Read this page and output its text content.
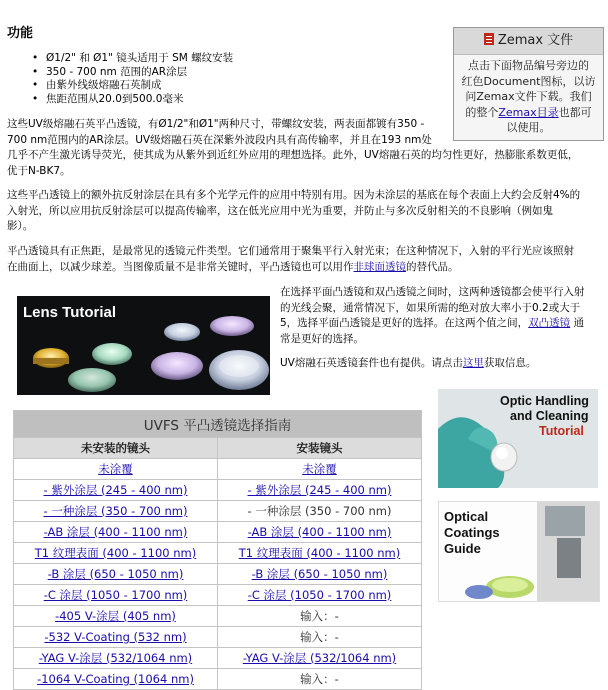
功能
• Ø1/2" 和 Ø1" 镜头适用于 SM 螺纹安装
• 350 - 700 nm 范围的AR涂层
• 由紫外线级熔融石英制成
• 焦距范围从20.0到500.0毫米
Zemax 文件
点击下面物品编号旁边的
红色Document图标，以访
问Zemax文件下载。我们
的整个Zemax目录也都可
以使用。
这些UV级熔融石英平凸透镜，有Ø1/2"和Ø1"两种尺寸，带螺纹安装，两表面都镀有350 -
700 nm范围内的AR涂层。UV级熔融石英在深紫外波段内具有高传输率，并且在193 nm处
几乎不产生激光诱导荧光，使其成为从紫外到近红外应用的理想选择。此外，UV熔融石英的均匀性更好，热膨胀系数更低，
优于N-BK7。
这些平凸透镜上的额外抗反射涂层在具有多个光学元件的应用中特别有用。因为未涂层的基底在每个表面上大约会反射4%的
入射光，所以应用抗反射涂层可以提高传输率，这在低光应用中光为重要，并防止与多次反射相关的不良影响（例如鬼
影）。
平凸透镜具有正焦距，是最常见的透镜元件类型。它们通常用于聚集平行入射光束；在这种情况下，入射的平行光应该照射
在曲面上，以减少球差。当图像质量不是非常关键时，平凸透镜也可以用作非球面透镜的替代品。
Lens Tutorial
在选择平面凸透镜和双凸透镜之间时，这两种透镜都会使平行入射
的光线会聚，通常情况下，如果所需的绝对放大率小于0.2或大于
5，选择平面凸透镜是更好的选择。在这两个值之间，双凸透镜 通
常是更好的选择。
UV熔融石英透镜套件也有提供。请点击这里获取信息。
UVFS 平凸透镜选择指南	
未安装的镜头	安装镜头
未涂覆	未涂覆
- 紫外涂层 (245 - 400 nm)	- 紫外涂层 (245 - 400 nm)
- 一种涂层 (350 - 700 nm)	- 一种涂层 (350 - 700 nm)
-AB 涂层 (400 - 1100 nm)	-AB 涂层 (400 - 1100 nm)
T1 纹理表面 (400 - 1100 nm)	T1 纹理表面 (400 - 1100 nm)
-B 涂层 (650 - 1050 nm)	-B 涂层 (650 - 1050 nm)
-C 涂层 (1050 - 1700 nm)	-C 涂层 (1050 - 1700 nm)
-405 V-涂层 (405 nm)	输入：-
-532 V-Coating (532 nm)	输入：-
-YAG V-涂层 (532/1064 nm)	-YAG V-涂层 (532/1064 nm)
-1064 V-Coating (1064 nm)	输入：-
Optic Handling
and Cleaning
Tutorial
Optical
Coatings
Guide
